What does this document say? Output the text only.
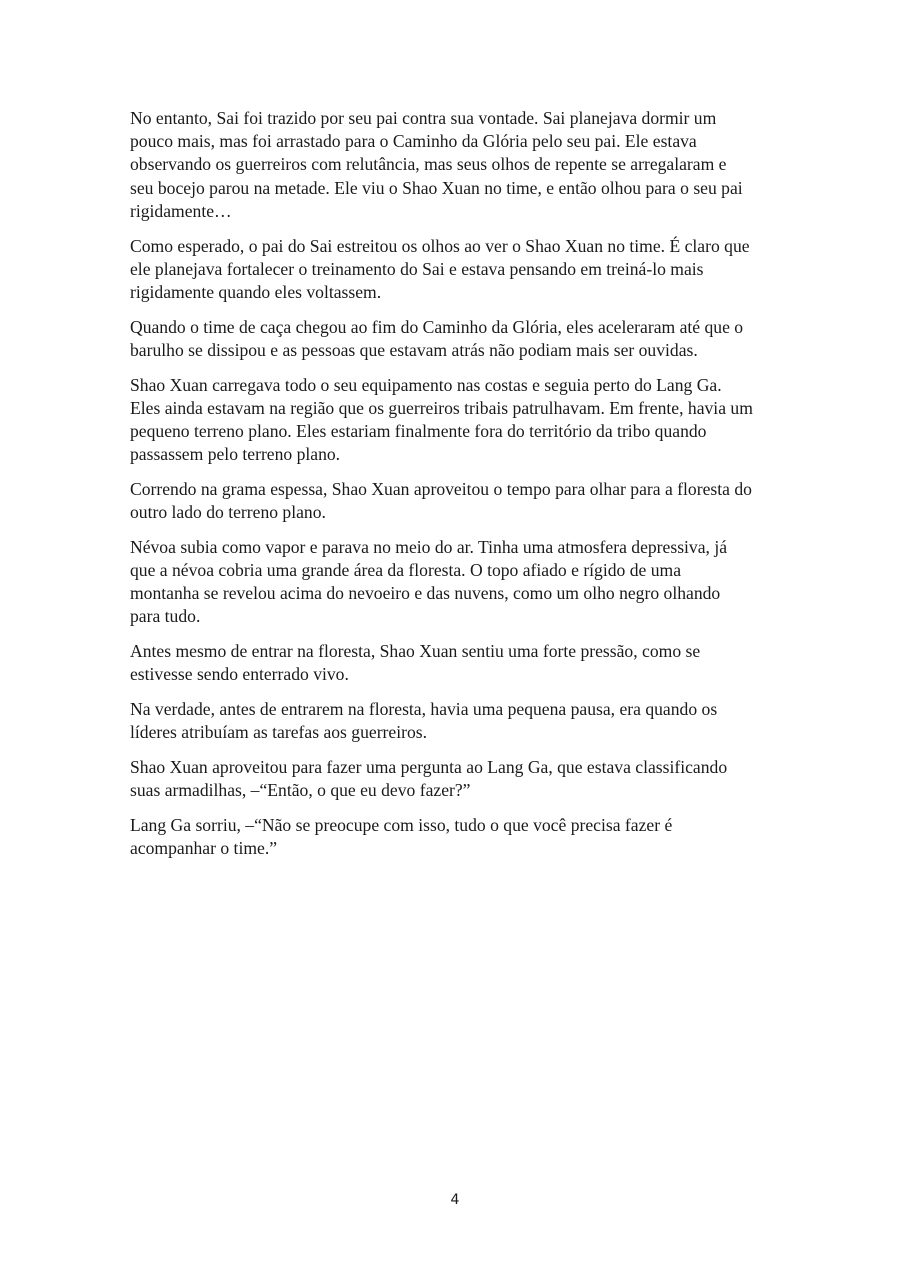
No entanto, Sai foi trazido por seu pai contra sua vontade. Sai planejava dormir um
pouco mais, mas foi arrastado para o Caminho da Glória pelo seu pai. Ele estava
observando os guerreiros com relutância, mas seus olhos de repente se arregalaram e
seu bocejo parou na metade. Ele viu o Shao Xuan no time, e então olhou para o seu pai
rigidamente…

Como esperado, o pai do Sai estreitou os olhos ao ver o Shao Xuan no time. É claro que
ele planejava fortalecer o treinamento do Sai e estava pensando em treiná-lo mais
rigidamente quando eles voltassem.

Quando o time de caça chegou ao fim do Caminho da Glória, eles aceleraram até que o
barulho se dissipou e as pessoas que estavam atrás não podiam mais ser ouvidas.

Shao Xuan carregava todo o seu equipamento nas costas e seguia perto do Lang Ga.
Eles ainda estavam na região que os guerreiros tribais patrulhavam. Em frente, havia um
pequeno terreno plano. Eles estariam finalmente fora do território da tribo quando
passassem pelo terreno plano.

Correndo na grama espessa, Shao Xuan aproveitou o tempo para olhar para a floresta do
outro lado do terreno plano.

Névoa subia como vapor e parava no meio do ar. Tinha uma atmosfera depressiva, já
que a névoa cobria uma grande área da floresta. O topo afiado e rígido de uma
montanha se revelou acima do nevoeiro e das nuvens, como um olho negro olhando
para tudo.

Antes mesmo de entrar na floresta, Shao Xuan sentiu uma forte pressão, como se
estivesse sendo enterrado vivo.

Na verdade, antes de entrarem na floresta, havia uma pequena pausa, era quando os
líderes atribuíam as tarefas aos guerreiros.

Shao Xuan aproveitou para fazer uma pergunta ao Lang Ga, que estava classificando
suas armadilhas, –“Então, o que eu devo fazer?”

Lang Ga sorriu, –“Não se preocupe com isso, tudo o que você precisa fazer é
acompanhar o time.”

4
